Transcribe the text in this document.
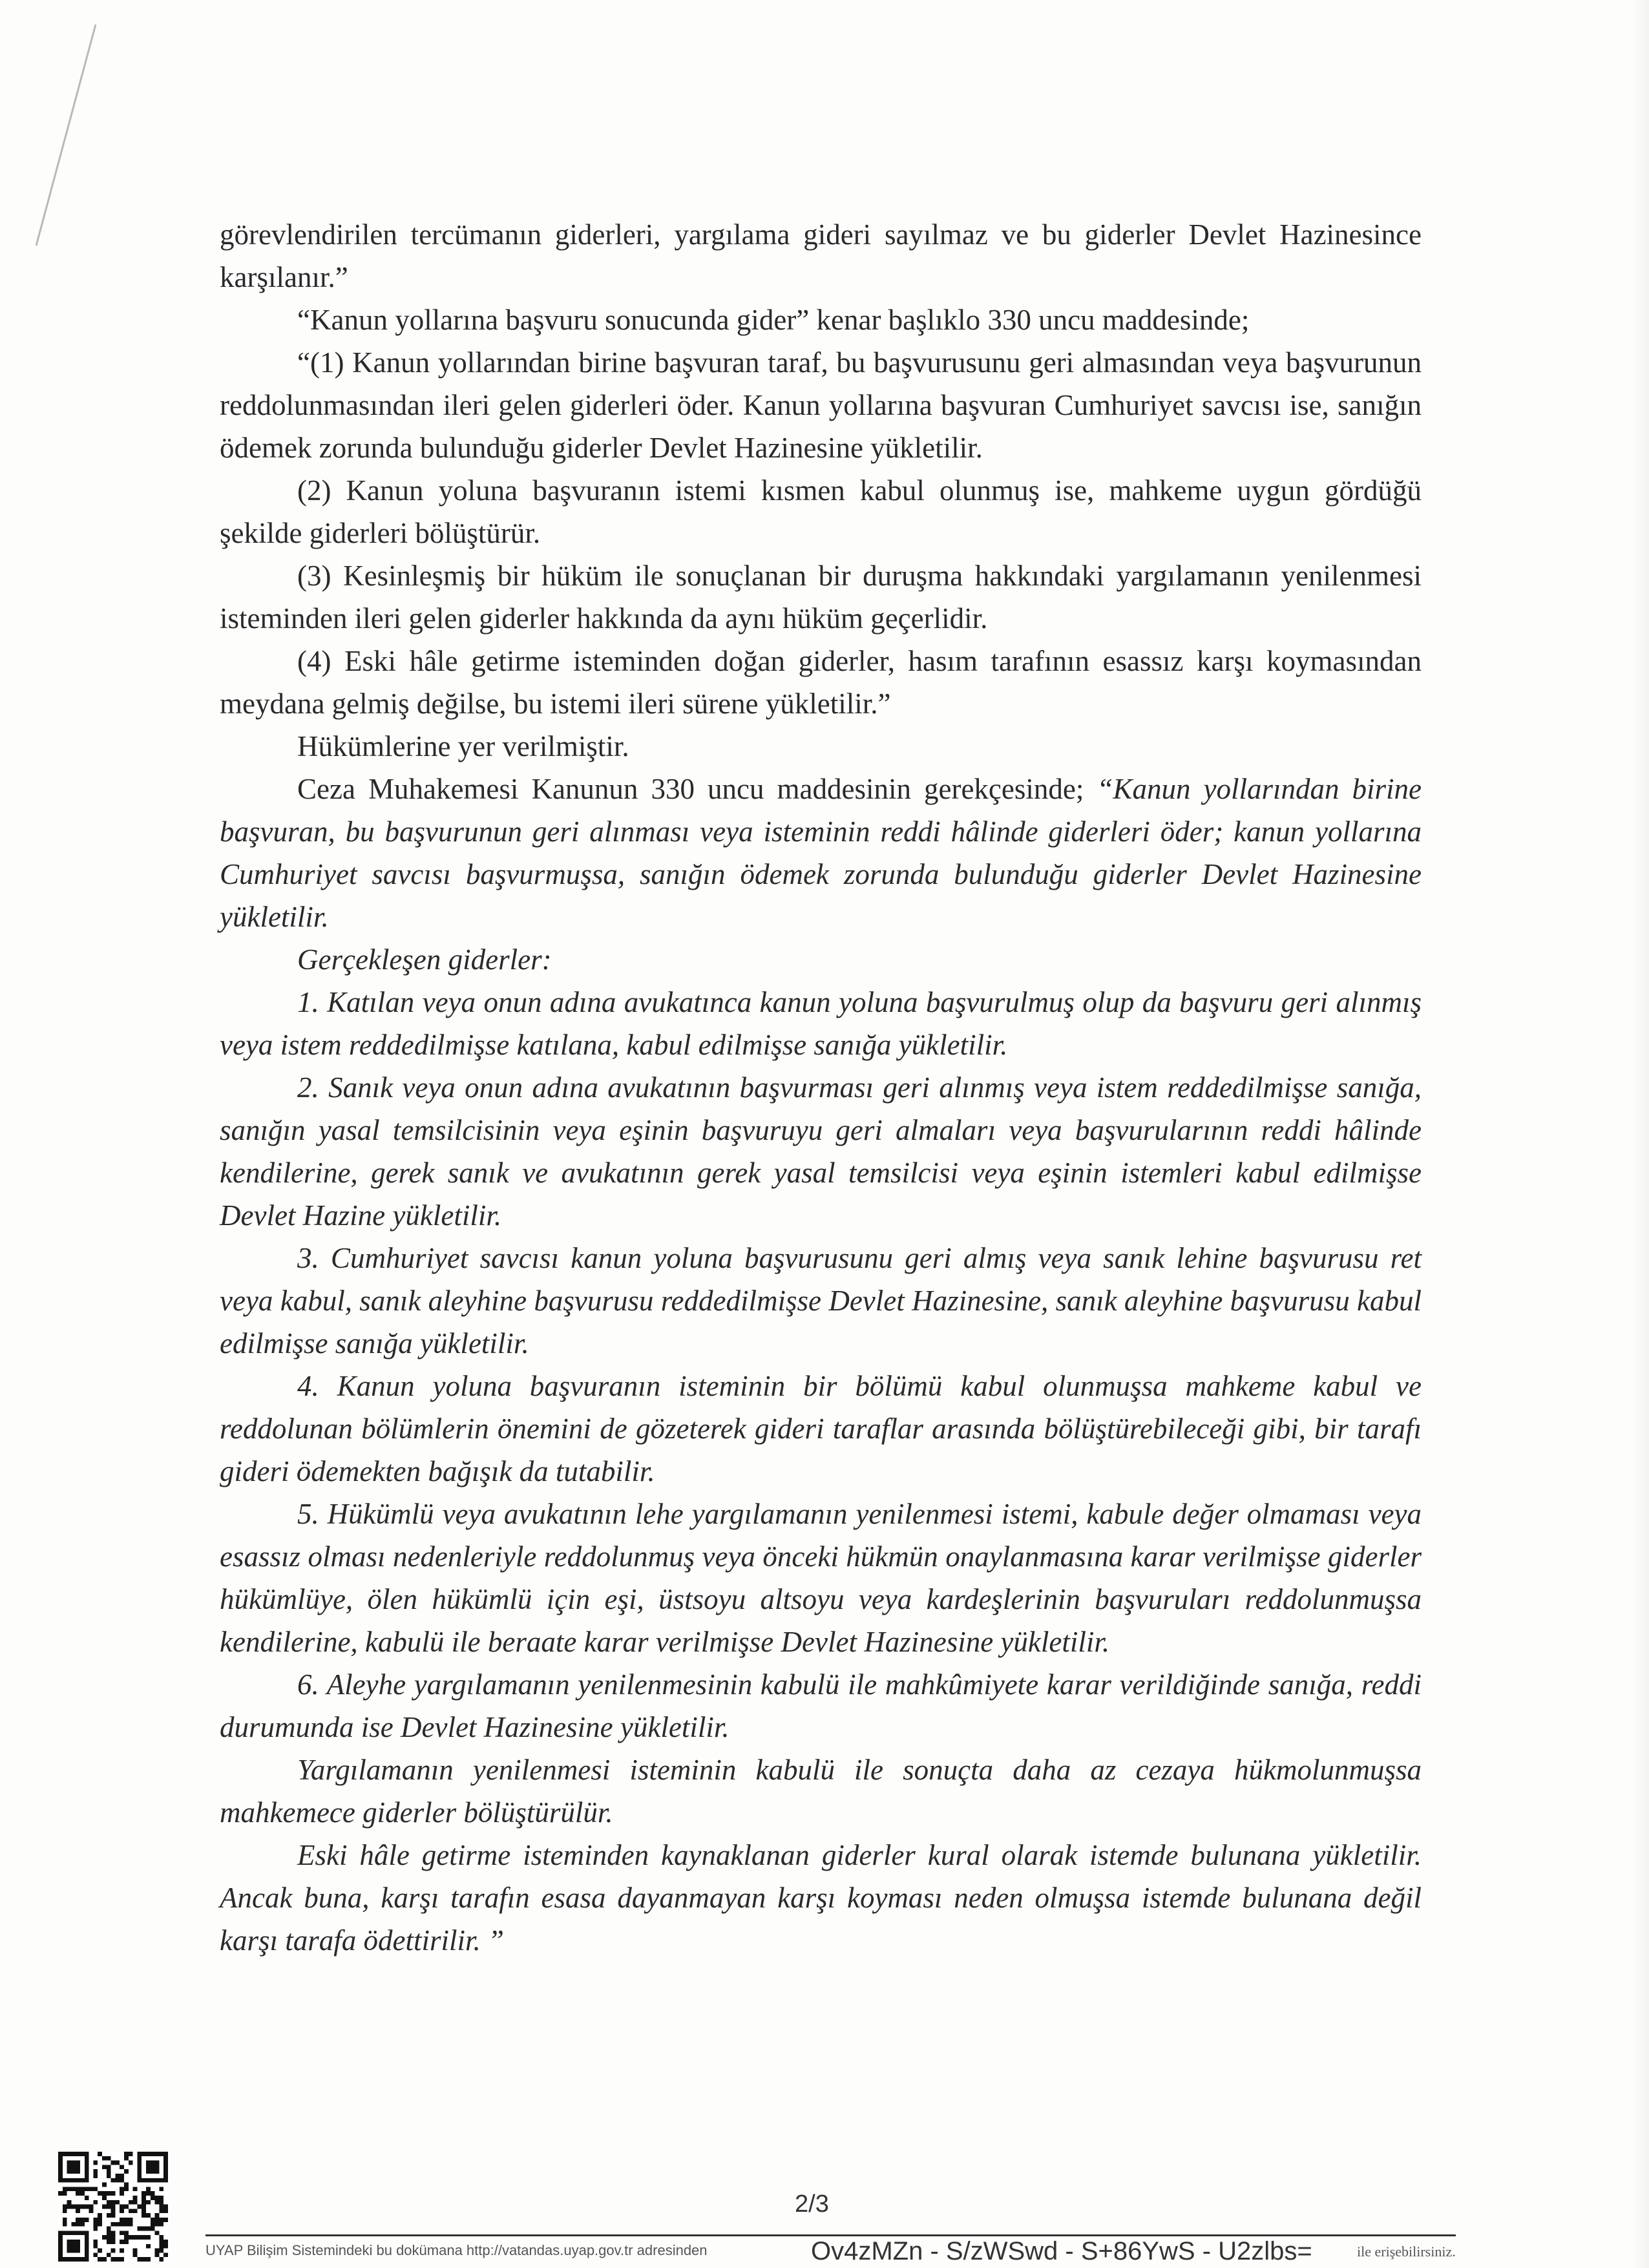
görevlendirilen tercümanın giderleri, yargılama gideri sayılmaz ve bu giderler Devlet Hazinesince karşılanır.”

“Kanun yollarına başvuru sonucunda gider” kenar başlıklo 330 uncu maddesinde;

“(1) Kanun yollarından birine başvuran taraf, bu başvurusunu geri almasından veya başvurunun reddolunmasından ileri gelen giderleri öder. Kanun yollarına başvuran Cumhuriyet savcısı ise, sanığın ödemek zorunda bulunduğu giderler Devlet Hazinesine yükletilir.

(2) Kanun yoluna başvuranın istemi kısmen kabul olunmuş ise, mahkeme uygun gördüğü şekilde giderleri bölüştürür.

(3) Kesinleşmiş bir hüküm ile sonuçlanan bir duruşma hakkındaki yargılamanın yenilenmesi isteminden ileri gelen giderler hakkında da aynı hüküm geçerlidir.

(4) Eski hâle getirme isteminden doğan giderler, hasım tarafının esassız karşı koymasından meydana gelmiş değilse, bu istemi ileri sürene yükletilir.”

Hükümlerine yer verilmiştir.

Ceza Muhakemesi Kanunun 330 uncu maddesinin gerekçesinde; “Kanun yollarından birine başvuran, bu başvurunun geri alınması veya isteminin reddi hâlinde giderleri öder; kanun yollarına Cumhuriyet savcısı başvurmuşsa, sanığın ödemek zorunda bulunduğu giderler Devlet Hazinesine yükletilir.

Gerçekleşen giderler:

1. Katılan veya onun adına avukatınca kanun yoluna başvurulmuş olup da başvuru geri alınmış veya istem reddedilmişse katılana, kabul edilmişse sanığa yükletilir.

2. Sanık veya onun adına avukatının başvurması geri alınmış veya istem reddedilmişse sanığa, sanığın yasal temsilcisinin veya eşinin başvuruyu geri almaları veya başvurularının reddi hâlinde kendilerine, gerek sanık ve avukatının gerek yasal temsilcisi veya eşinin istemleri kabul edilmişse Devlet Hazine yükletilir.

3. Cumhuriyet savcısı kanun yoluna başvurusunu geri almış veya sanık lehine başvurusu ret veya kabul, sanık aleyhine başvurusu reddedilmişse Devlet Hazinesine, sanık aleyhine başvurusu kabul edilmişse sanığa yükletilir.

4. Kanun yoluna başvuranın isteminin bir bölümü kabul olunmuşsa mahkeme kabul ve reddolunan bölümlerin önemini de gözeterek gideri taraflar arasında bölüştürebileceği gibi, bir tarafı gideri ödemekten bağışık da tutabilir.

5. Hükümlü veya avukatının lehe yargılamanın yenilenmesi istemi, kabule değer olmaması veya esassız olması nedenleriyle reddolunmuş veya önceki hükmün onaylanmasına karar verilmişse giderler hükümlüye, ölen hükümlü için eşi, üstsoyu altsoyu veya kardeşlerinin başvuruları reddolunmuşsa kendilerine, kabulü ile beraate karar verilmişse Devlet Hazinesine yükletilir.

6. Aleyhe yargılamanın yenilenmesinin kabulü ile mahkûmiyete karar verildiğinde sanığa, reddi durumunda ise Devlet Hazinesine yükletilir.

Yargılamanın yenilenmesi isteminin kabulü ile sonuçta daha az cezaya hükmolunmuşsa mahkemece giderler bölüştürülür.

Eski hâle getirme isteminden kaynaklanan giderler kural olarak istemde bulunana yükletilir. Ancak buna, karşı tarafın esasa dayanmayan karşı koyması neden olmuşsa istemde bulunana değil karşı tarafa ödettirilir. ”

2/3
UYAP Bilişim Sistemindeki bu dokümana http://vatandas.uyap.gov.tr adresinden	Ov4zMZn - S/zWSwd - S+86YwS - U2zlbs=	ile erişebilirsiniz.
